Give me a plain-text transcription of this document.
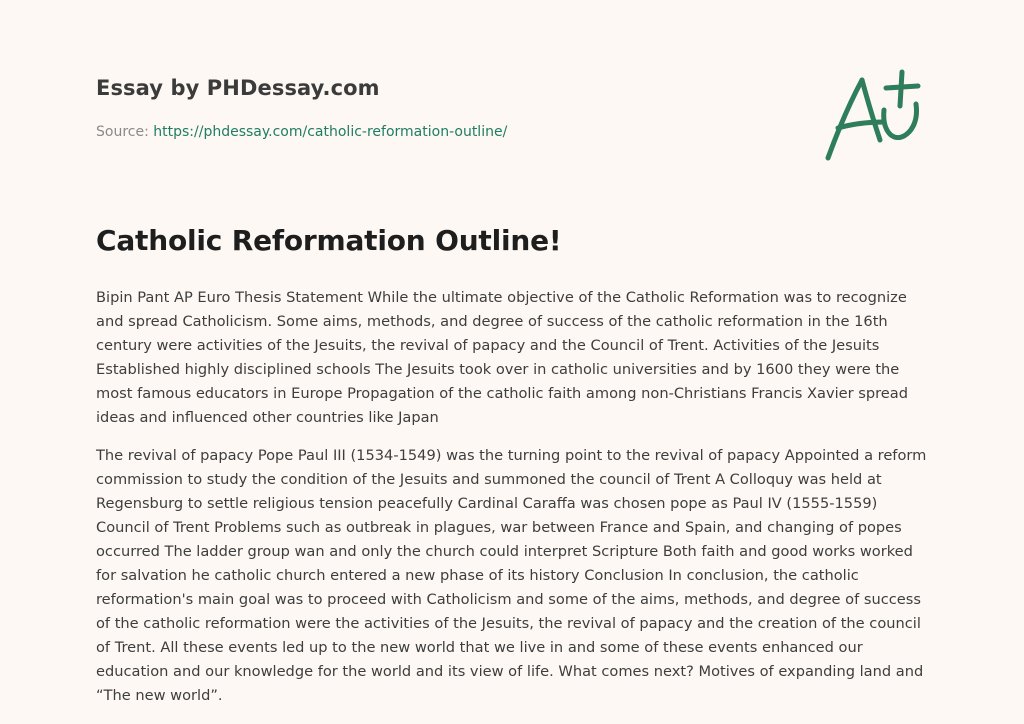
Essay by PHDessay.com

Source: https://phdessay.com/catholic-reformation-outline/

Catholic Reformation Outline!

Bipin Pant AP Euro Thesis Statement While the ultimate objective of the Catholic Reformation was to recognize and spread Catholicism. Some aims, methods, and degree of success of the catholic reformation in the 16th century were activities of the Jesuits, the revival of papacy and the Council of Trent. Activities of the Jesuits Established highly disciplined schools The Jesuits took over in catholic universities and by 1600 they were the most famous educators in Europe Propagation of the catholic faith among non-Christians Francis Xavier spread ideas and influenced other countries like Japan

The revival of papacy Pope Paul III (1534-1549) was the turning point to the revival of papacy Appointed a reform commission to study the condition of the Jesuits and summoned the council of Trent A Colloquy was held at Regensburg to settle religious tension peacefully Cardinal Caraffa was chosen pope as Paul IV (1555-1559) Council of Trent Problems such as outbreak in plagues, war between France and Spain, and changing of popes occurred The ladder group wan and only the church could interpret Scripture Both faith and good works worked for salvation he catholic church entered a new phase of its history Conclusion In conclusion, the catholic reformation's main goal was to proceed with Catholicism and some of the aims, methods, and degree of success of the catholic reformation were the activities of the Jesuits, the revival of papacy and the creation of the council of Trent. All these events led up to the new world that we live in and some of these events enhanced our education and our knowledge for the world and its view of life. What comes next? Motives of expanding land and “The new world”.
